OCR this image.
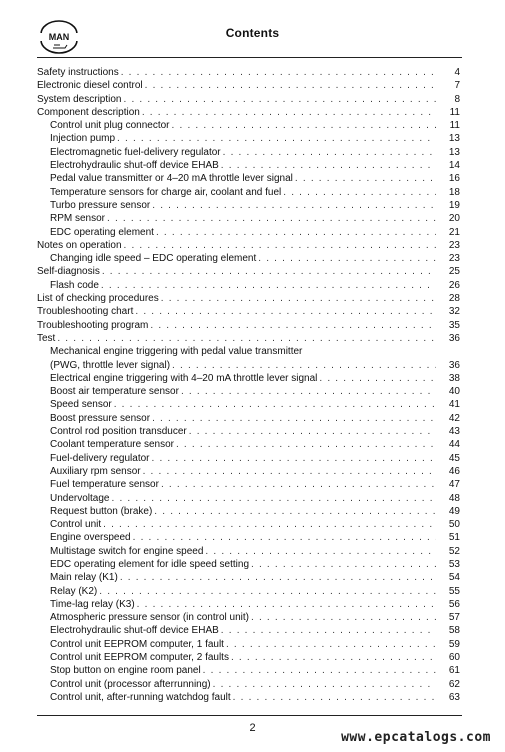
MAN	Contents
Safety instructions . . .	4
Electronic diesel control . . .	7
System description . . .	8
Component description . . .	11
Control unit plug connector . . .	11
Injection pump . . .	13
Electromagnetic fuel-delivery regulator . . .	13
Electrohydraulic shut-off device EHAB . . .	14
Pedal value transmitter or 4–20 mA throttle lever signal . . .	16
Temperature sensors for charge air, coolant and fuel . . .	18
Turbo pressure sensor . . .	19
RPM sensor . . .	20
EDC operating element . . .	21
Notes on operation . . .	23
Changing idle speed – EDC operating element . . .	23
Self-diagnosis . . .	25
Flash code . . .	26
List of checking procedures . . .	28
Troubleshooting chart . . .	32
Troubleshooting program . . .	35
Test . . .	36
Mechanical engine triggering with pedal value transmitter
(PWG, throttle lever signal) . . .	36
Electrical engine triggering with 4–20 mA throttle lever signal . . .	38
Boost air temperature sensor . . .	40
Speed sensor . . .	41
Boost pressure sensor . . .	42
Control rod position transducer . . .	43
Coolant temperature sensor . . .	44
Fuel-delivery regulator . . .	45
Auxiliary rpm sensor . . .	46
Fuel temperature sensor . . .	47
Undervoltage . . .	48
Request button (brake) . . .	49
Control unit . . .	50
Engine overspeed . . .	51
Multistage switch for engine speed . . .	52
EDC operating element for idle speed setting . . .	53
Main relay (K1) . . .	54
Relay (K2) . . .	55
Time-lag relay (K3) . . .	56
Atmospheric pressure sensor (in control unit) . . .	57
Electrohydraulic shut-off device EHAB . . .	58
Control unit EEPROM computer, 1 fault . . .	59
Control unit EEPROM computer, 2 faults . . .	60
Stop button on engine room panel . . .	61
Control unit (processor afterrunning) . . .	62
Control unit, after-running watchdog fault . . .	63
2
www.epcatalogs.com
